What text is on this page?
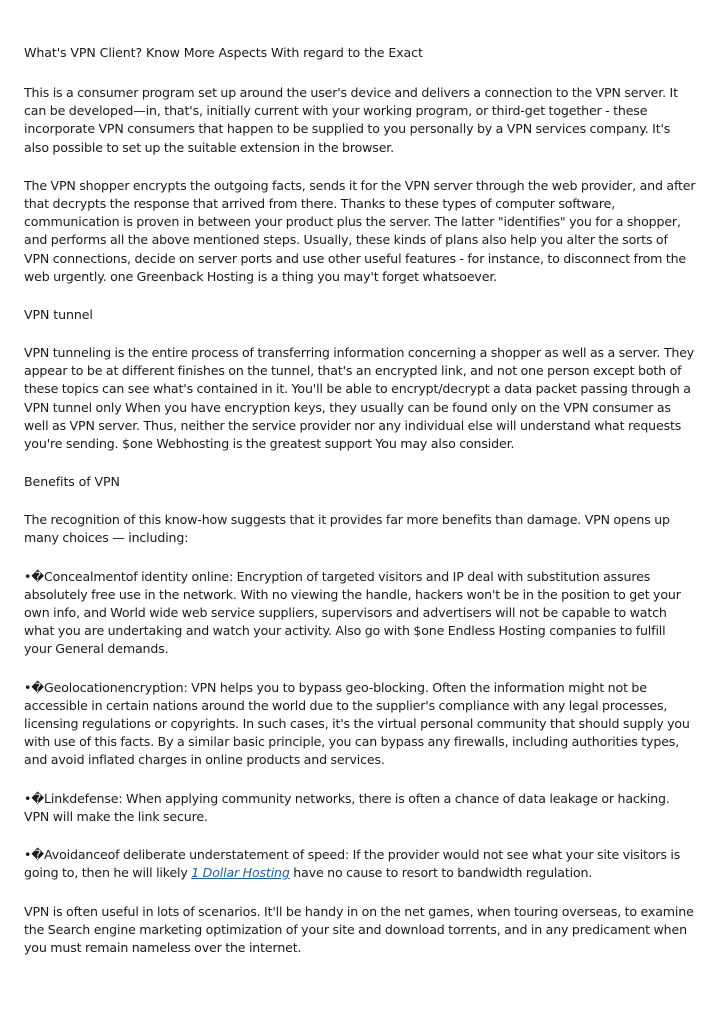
What's VPN Client? Know More Aspects With regard to the Exact

This is a consumer program set up around the user's device and delivers a connection to the VPN server. It can be developed—in, that's, initially current with your working program, or third-get together - these incorporate VPN consumers that happen to be supplied to you personally by a VPN services company. It's also possible to set up the suitable extension in the browser.

The VPN shopper encrypts the outgoing facts, sends it for the VPN server through the web provider, and after that decrypts the response that arrived from there. Thanks to these types of computer software, communication is proven in between your product plus the server. The latter "identifies" you for a shopper, and performs all the above mentioned steps. Usually, these kinds of plans also help you alter the sorts of VPN connections, decide on server ports and use other useful features - for instance, to disconnect from the web urgently. one Greenback Hosting is a thing you may't forget whatsoever.

VPN tunnel

VPN tunneling is the entire process of transferring information concerning a shopper as well as a server. They appear to be at different finishes on the tunnel, that's an encrypted link, and not one person except both of these topics can see what's contained in it. You'll be able to encrypt/decrypt a data packet passing through a VPN tunnel only When you have encryption keys, they usually can be found only on the VPN consumer as well as VPN server. Thus, neither the service provider nor any individual else will understand what requests you're sending. $one Webhosting is the greatest support You may also consider.

Benefits of VPN

The recognition of this know-how suggests that it provides far more benefits than damage. VPN opens up many choices — including:

•�Concealmentof identity online: Encryption of targeted visitors and IP deal with substitution assures absolutely free use in the network. With no viewing the handle, hackers won't be in the position to get your own info, and World wide web service suppliers, supervisors and advertisers will not be capable to watch what you are undertaking and watch your activity. Also go with $one Endless Hosting companies to fulfill your General demands.

•�Geolocationencryption: VPN helps you to bypass geo-blocking. Often the information might not be accessible in certain nations around the world due to the supplier's compliance with any legal processes, licensing regulations or copyrights. In such cases, it's the virtual personal community that should supply you with use of this facts. By a similar basic principle, you can bypass any firewalls, including authorities types, and avoid inflated charges in online products and services.

•�Linkdefense: When applying community networks, there is often a chance of data leakage or hacking. VPN will make the link secure.

•�Avoidanceof deliberate understatement of speed: If the provider would not see what your site visitors is going to, then he will likely 1 Dollar Hosting have no cause to resort to bandwidth regulation.

VPN is often useful in lots of scenarios. It'll be handy in on the net games, when touring overseas, to examine the Search engine marketing optimization of your site and download torrents, and in any predicament when you must remain nameless over the internet.
